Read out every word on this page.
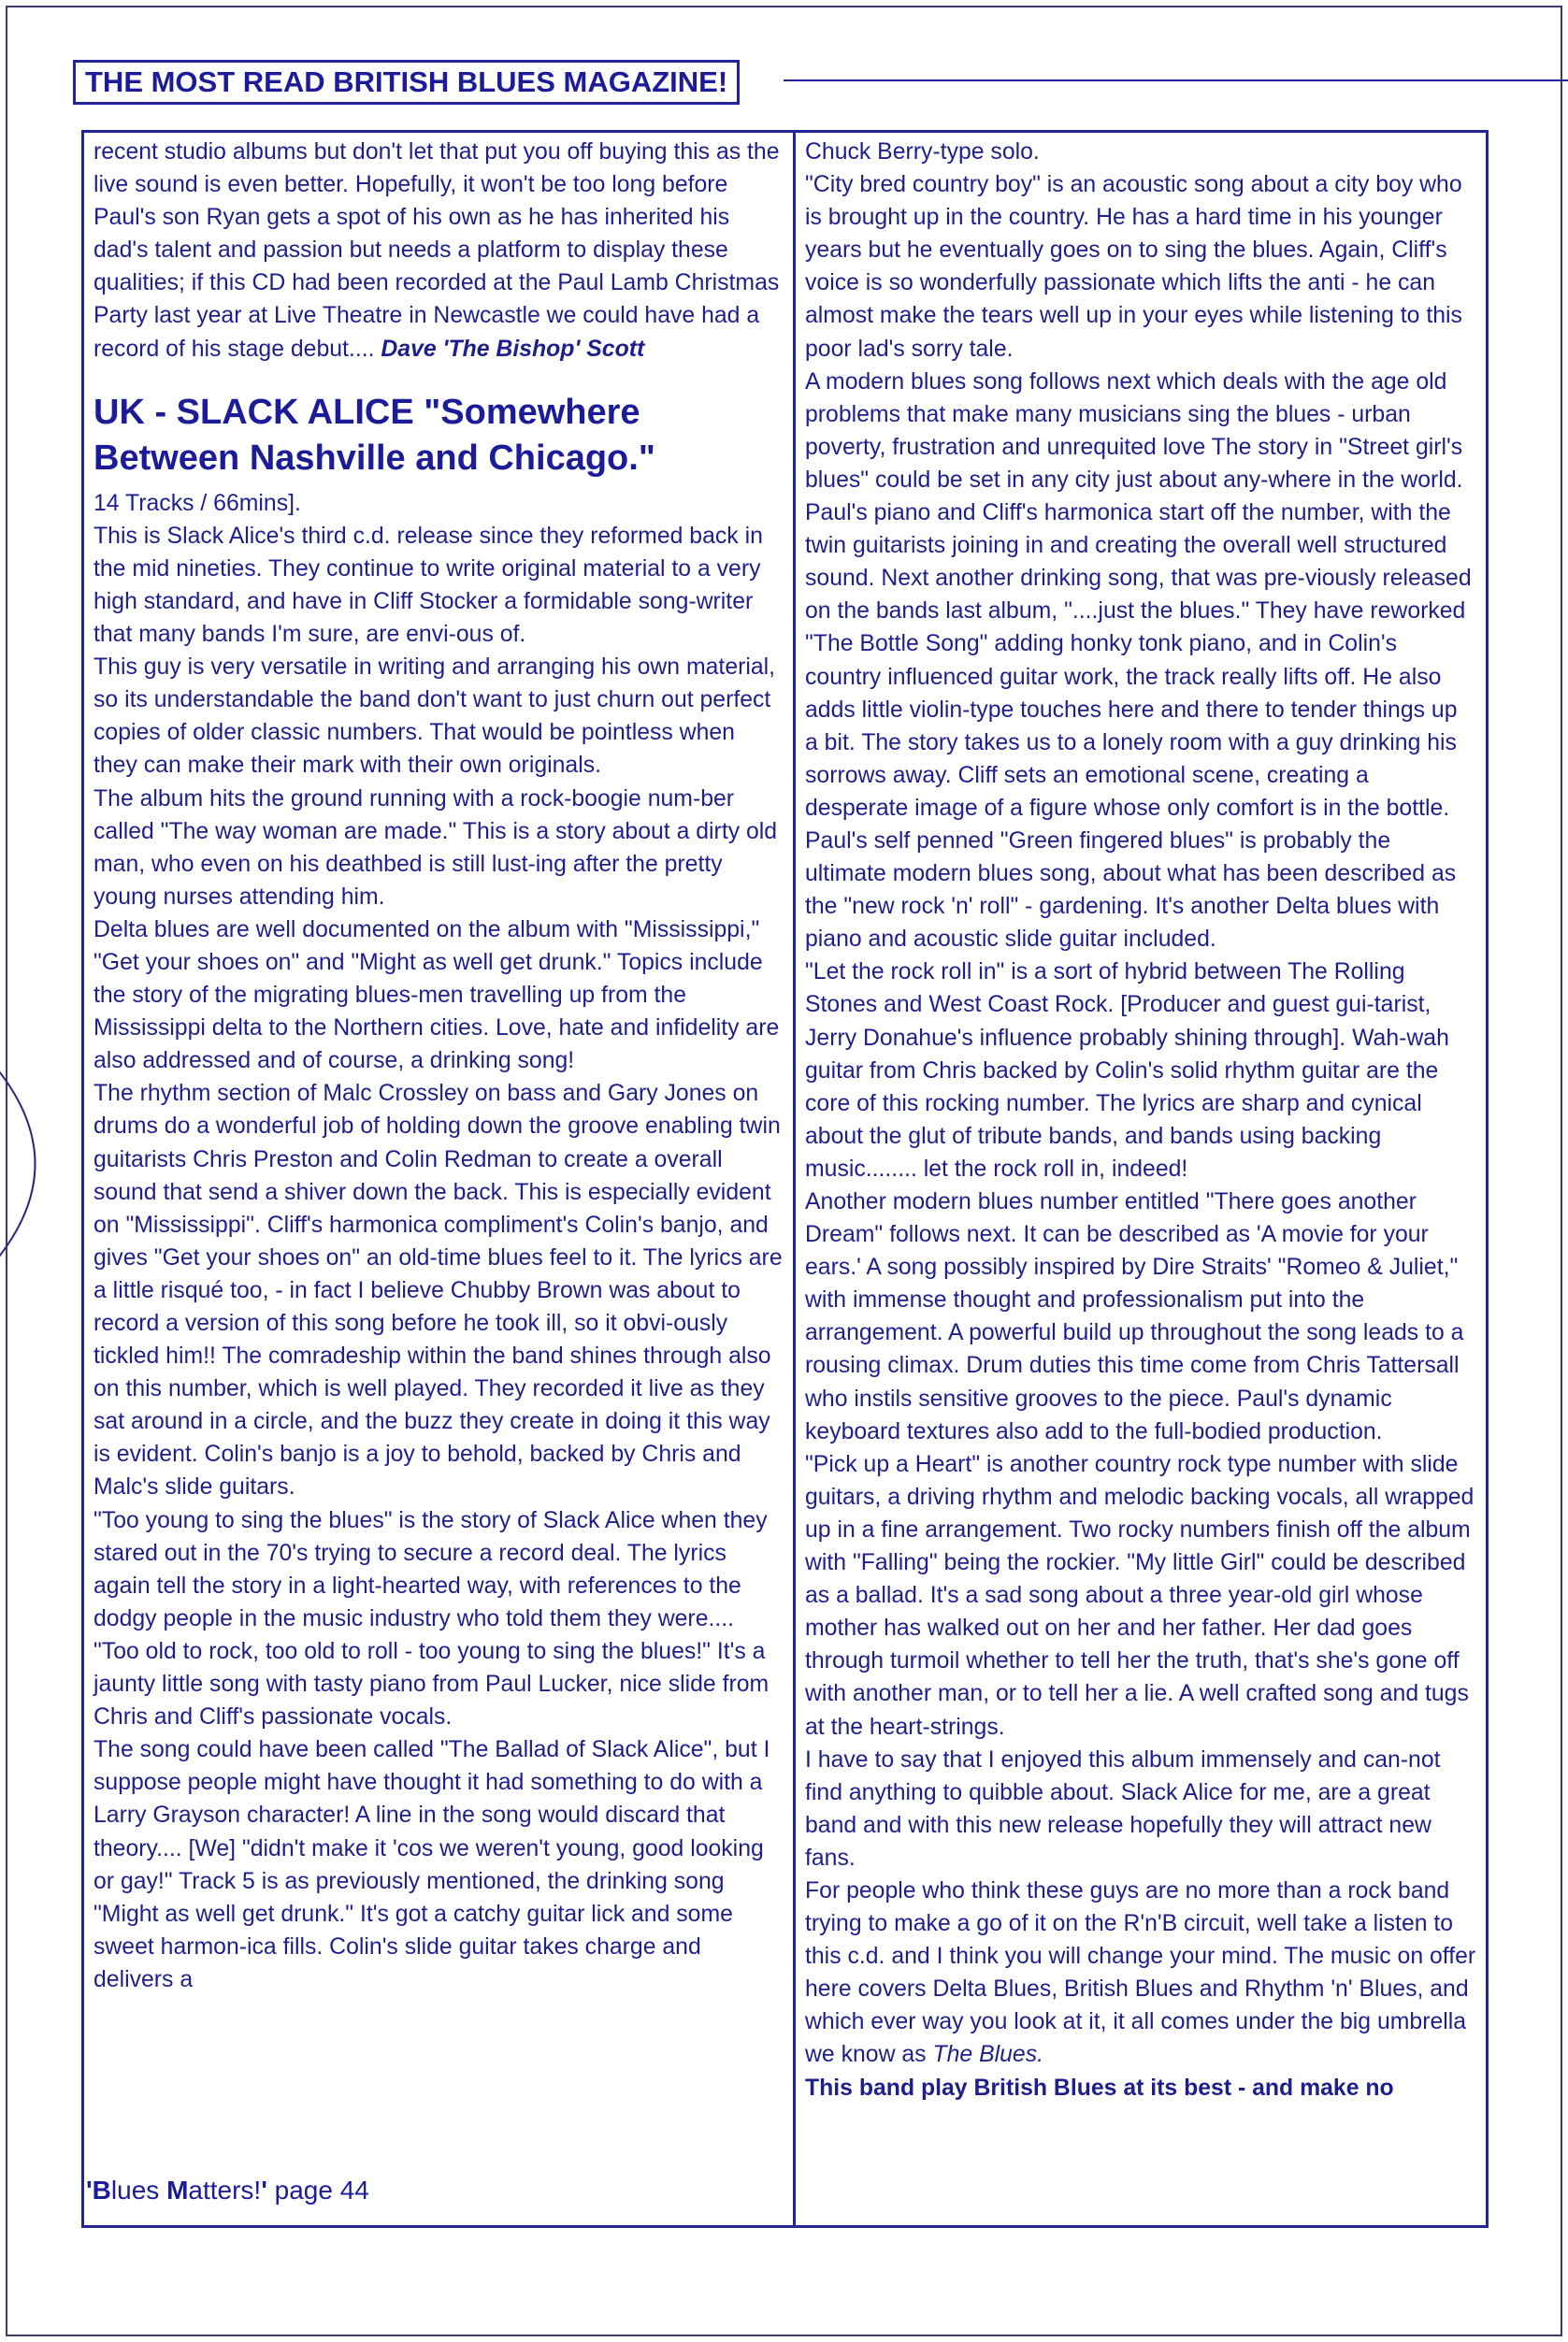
THE MOST READ BRITISH BLUES MAGAZINE!

recent studio albums but don't let that put you off buying this as the live sound is even better. Hopefully, it won't be too long before Paul's son Ryan gets a spot of his own as he has inherited his dad's talent and passion but needs a platform to display these qualities; if this CD had been recorded at the Paul Lamb Christmas Party last year at Live Theatre in Newcastle we could have had a record of his stage debut.... Dave 'The Bishop' Scott

UK - SLACK ALICE "Somewhere Between Nashville and Chicago."

14 Tracks / 66mins].

This is Slack Alice's third c.d. release since they reformed back in the mid nineties. They continue to write original material to a very high standard, and have in Cliff Stocker a formidable song-writer that many bands I'm sure, are envi-ous of.

This guy is very versatile in writing and arranging his own material, so its understandable the band don't want to just churn out perfect copies of older classic numbers. That would be pointless when they can make their mark with their own originals.

The album hits the ground running with a rock-boogie num-ber called "The way woman are made." This is a story about a dirty old man, who even on his deathbed is still lust-ing after the pretty young nurses attending him.

Delta blues are well documented on the album with "Mississippi," "Get your shoes on" and "Might as well get drunk." Topics include the story of the migrating blues-men travelling up from the Mississippi delta to the Northern cities. Love, hate and infidelity are also addressed and of course, a drinking song!

The rhythm section of Malc Crossley on bass and Gary Jones on drums do a wonderful job of holding down the groove enabling twin guitarists Chris Preston and Colin Redman to create a overall sound that send a shiver down the back. This is especially evident on "Mississippi". Cliff's harmonica compliment's Colin's banjo, and gives "Get your shoes on" an old-time blues feel to it. The lyrics are a little risqué too, - in fact I believe Chubby Brown was about to record a version of this song before he took ill, so it obvi-ously tickled him!! The comradeship within the band shines through also on this number, which is well played. They recorded it live as they sat around in a circle, and the buzz they create in doing it this way is evident. Colin's banjo is a joy to behold, backed by Chris and Malc's slide guitars.

"Too young to sing the blues" is the story of Slack Alice when they stared out in the 70's trying to secure a record deal. The lyrics again tell the story in a light-hearted way, with references to the dodgy people in the music industry who told them they were.... "Too old to rock, too old to roll - too young to sing the blues!" It's a jaunty little song with tasty piano from Paul Lucker, nice slide from Chris and Cliff's passionate vocals.

The song could have been called "The Ballad of Slack Alice", but I suppose people might have thought it had something to do with a Larry Grayson character! A line in the song would discard that theory.... [We] "didn't make it 'cos we weren't young, good looking or gay!" Track 5 is as previously mentioned, the drinking song "Might as well get drunk." It's got a catchy guitar lick and some sweet harmon-ica fills. Colin's slide guitar takes charge and delivers a

Chuck Berry-type solo.

"City bred country boy" is an acoustic song about a city boy who is brought up in the country. He has a hard time in his younger years but he eventually goes on to sing the blues. Again, Cliff's voice is so wonderfully passionate which lifts the anti - he can almost make the tears well up in your eyes while listening to this poor lad's sorry tale.

A modern blues song follows next which deals with the age old problems that make many musicians sing the blues - urban poverty, frustration and unrequited love The story in "Street girl's blues" could be set in any city just about any-where in the world.

Paul's piano and Cliff's harmonica start off the number, with the twin guitarists joining in and creating the overall well structured sound. Next another drinking song, that was pre-viously released on the bands last album, "....just the blues." They have reworked "The Bottle Song" adding honky tonk piano, and in Colin's country influenced guitar work, the track really lifts off. He also adds little violin-type touches here and there to tender things up a bit. The story takes us to a lonely room with a guy drinking his sorrows away. Cliff sets an emotional scene, creating a desperate image of a figure whose only comfort is in the bottle.

Paul's self penned "Green fingered blues" is probably the ultimate modern blues song, about what has been described as the "new rock 'n' roll" - gardening. It's another Delta blues with piano and acoustic slide guitar included.

"Let the rock roll in" is a sort of hybrid between The Rolling Stones and West Coast Rock. [Producer and guest gui-tarist, Jerry Donahue's influence probably shining through]. Wah-wah guitar from Chris backed by Colin's solid rhythm guitar are the core of this rocking number. The lyrics are sharp and cynical about the glut of tribute bands, and bands using backing music........ let the rock roll in, indeed!

Another modern blues number entitled "There goes another Dream" follows next. It can be described as 'A movie for your ears.' A song possibly inspired by Dire Straits' "Romeo & Juliet," with immense thought and professionalism put into the arrangement. A powerful build up throughout the song leads to a rousing climax. Drum duties this time come from Chris Tattersall who instils sensitive grooves to the piece. Paul's dynamic keyboard textures also add to the full-bodied production.

"Pick up a Heart" is another country rock type number with slide guitars, a driving rhythm and melodic backing vocals, all wrapped up in a fine arrangement. Two rocky numbers finish off the album with "Falling" being the rockier. "My little Girl" could be described as a ballad. It's a sad song about a three year-old girl whose mother has walked out on her and her father. Her dad goes through turmoil whether to tell her the truth, that's she's gone off with another man, or to tell her a lie. A well crafted song and tugs at the heart-strings.

I have to say that I enjoyed this album immensely and can-not find anything to quibble about. Slack Alice for me, are a great band and with this new release hopefully they will attract new fans.

For people who think these guys are no more than a rock band trying to make a go of it on the R'n'B circuit, well take a listen to this c.d. and I think you will change your mind. The music on offer here covers Delta Blues, British Blues and Rhythm 'n' Blues, and which ever way you look at it, it all comes under the big umbrella we know as The Blues.

This band play British Blues at its best - and make no

'Blues Matters!' page 44
